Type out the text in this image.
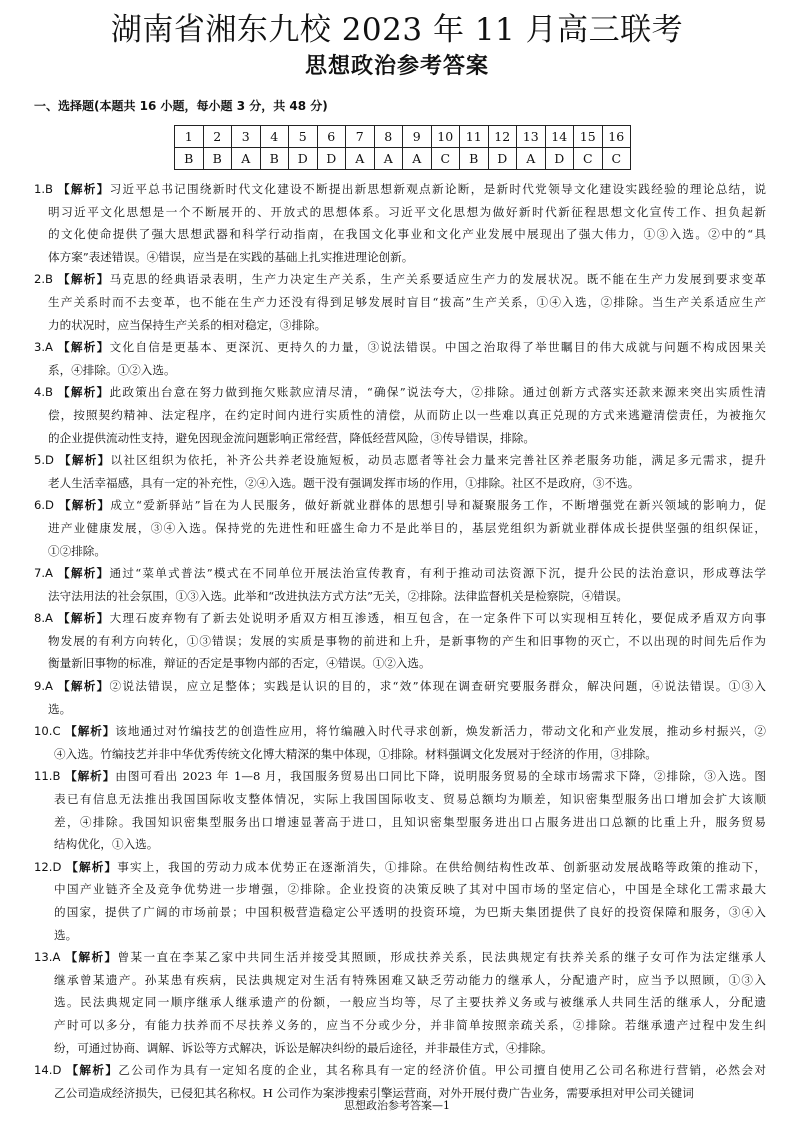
湖南省湘东九校 2023 年 11 月高三联考
思想政治参考答案
一、选择题(本题共 16 小题，每小题 3 分，共 48 分)
1	2	3	4	5	6	7	8	9	10	11	12	13	14	15	16
B	B	A	B	D	D	A	A	A	C	B	D	A	D	C	C
1.B 【解析】习近平总书记围绕新时代文化建设不断提出新思想新观点新论断，是新时代党领导文化建设实践经验的理论总结，说
明习近平文化思想是一个不断展开的、开放式的思想体系。习近平文化思想为做好新时代新征程思想文化宣传工作、担负起新
的文化使命提供了强大思想武器和科学行动指南，在我国文化事业和文化产业发展中展现出了强大伟力，①③入选。②中的“具
体方案”表述错误。④错误，应当是在实践的基础上扎实推进理论创新。
2.B 【解析】马克思的经典语录表明，生产力决定生产关系，生产关系要适应生产力的发展状况。既不能在生产力发展到要求变革
生产关系时而不去变革，也不能在生产力还没有得到足够发展时盲目“拔高”生产关系，①④入选，②排除。当生产关系适应生产
力的状况时，应当保持生产关系的相对稳定，③排除。
3.A 【解析】文化自信是更基本、更深沉、更持久的力量，③说法错误。中国之治取得了举世瞩目的伟大成就与问题不构成因果关
系，④排除。①②入选。
4.B 【解析】此政策出台意在努力做到拖欠账款应清尽清，“确保”说法夸大，②排除。通过创新方式落实还款来源来突出实质性清
偿，按照契约精神、法定程序，在约定时间内进行实质性的清偿，从而防止以一些难以真正兑现的方式来逃避清偿责任，为被拖欠
的企业提供流动性支持，避免因现金流问题影响正常经营，降低经营风险，③传导错误，排除。
5.D 【解析】以社区组织为依托，补齐公共养老设施短板，动员志愿者等社会力量来完善社区养老服务功能，满足多元需求，提升
老人生活幸福感，具有一定的补充性，②④入选。题干没有强调发挥市场的作用，①排除。社区不是政府，③不选。
6.D 【解析】成立“爱新驿站”旨在为人民服务，做好新就业群体的思想引导和凝聚服务工作，不断增强党在新兴领域的影响力，促
进产业健康发展，③④入选。保持党的先进性和旺盛生命力不是此举目的，基层党组织为新就业群体成长提供坚强的组织保证，
①②排除。
7.A 【解析】通过“菜单式普法”模式在不同单位开展法治宣传教育，有利于推动司法资源下沉，提升公民的法治意识，形成尊法学
法守法用法的社会氛围，①③入选。此举和“改进执法方式方法”无关，②排除。法律监督机关是检察院，④错误。
8.A 【解析】大理石废弃物有了新去处说明矛盾双方相互渗透，相互包含，在一定条件下可以实现相互转化，要促成矛盾双方向事
物发展的有利方向转化，①③错误；发展的实质是事物的前进和上升，是新事物的产生和旧事物的灭亡，不以出现的时间先后作为
衡量新旧事物的标准，辩证的否定是事物内部的否定，④错误。①②入选。
9.A 【解析】②说法错误，应立足整体；实践是认识的目的，求“效”体现在调查研究要服务群众，解决问题，④说法错误。①③入
选。
10.C 【解析】该地通过对竹编技艺的创造性应用，将竹编融入时代寻求创新，焕发新活力，带动文化和产业发展，推动乡村振兴，②
④入选。竹编技艺并非中华优秀传统文化博大精深的集中体现，①排除。材料强调文化发展对于经济的作用，③排除。
11.B 【解析】由图可看出 2023 年 1—8 月，我国服务贸易出口同比下降，说明服务贸易的全球市场需求下降，②排除，③入选。图
表已有信息无法推出我国国际收支整体情况，实际上我国国际收支、贸易总额均为顺差，知识密集型服务出口增加会扩大该顺
差，④排除。我国知识密集型服务出口增速显著高于进口，且知识密集型服务进出口占服务进出口总额的比重上升，服务贸易
结构优化，①入选。
12.D 【解析】事实上，我国的劳动力成本优势正在逐渐消失，①排除。在供给侧结构性改革、创新驱动发展战略等政策的推动下，
中国产业链齐全及竞争优势进一步增强，②排除。企业投资的决策反映了其对中国市场的坚定信心，中国是全球化工需求最大
的国家，提供了广阔的市场前景；中国积极营造稳定公平透明的投资环境，为巴斯夫集团提供了良好的投资保障和服务，③④入
选。
13.A 【解析】曾某一直在李某乙家中共同生活并接受其照顾，形成扶养关系，民法典规定有扶养关系的继子女可作为法定继承人
继承曾某遗产。孙某患有疾病，民法典规定对生活有特殊困难又缺乏劳动能力的继承人，分配遗产时，应当予以照顾，①③入
选。民法典规定同一顺序继承人继承遗产的份额，一般应当均等，尽了主要扶养义务或与被继承人共同生活的继承人，分配遗
产时可以多分，有能力扶养而不尽扶养义务的，应当不分或少分，并非简单按照亲疏关系，②排除。若继承遗产过程中发生纠
纷，可通过协商、调解、诉讼等方式解决，诉讼是解决纠纷的最后途径，并非最佳方式，④排除。
14.D 【解析】乙公司作为具有一定知名度的企业，其名称具有一定的经济价值。甲公司擅自使用乙公司名称进行营销，必然会对
乙公司造成经济损失，已侵犯其名称权。H 公司作为案涉搜索引擎运营商，对外开展付费广告业务，需要承担对甲公司关键词
思想政治参考答案—1
